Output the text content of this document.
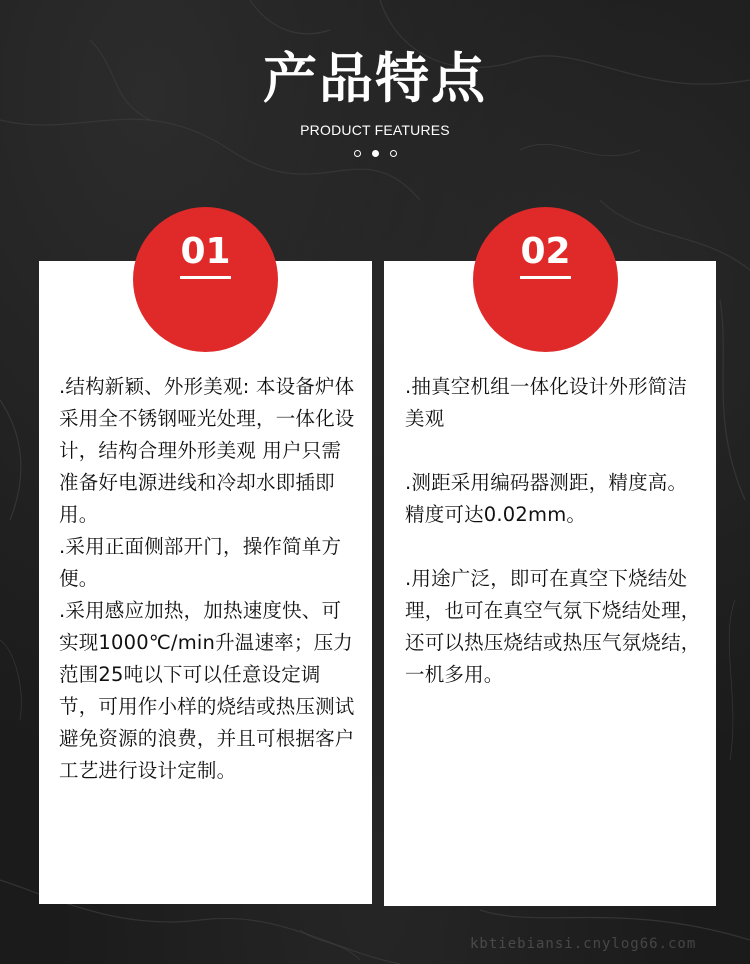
产品特点
PRODUCT FEATURES
01	02

.结构新颖、外形美观: 本设备炉体采用全不锈钢哑光处理，一体化设计，结构合理外形美观 用户只需准备好电源进线和冷却水即插即用。

.采用正面侧部开门，操作简单方便。

.采用感应加热，加热速度快、可实现1000℃/min升温速率；压力范围25吨以下可以任意设定调节，可用作小样的烧结或热压测试避免资源的浪费，并且可根据客户工艺进行设计定制。

.抽真空机组一体化设计外形简洁美观

.测距采用编码器测距，精度高。精度可达0.02mm。

.用途广泛，即可在真空下烧结处理，也可在真空气氛下烧结处理，还可以热压烧结或热压气氛烧结，一机多用。

kbtiebiansi.cnylog66.com
